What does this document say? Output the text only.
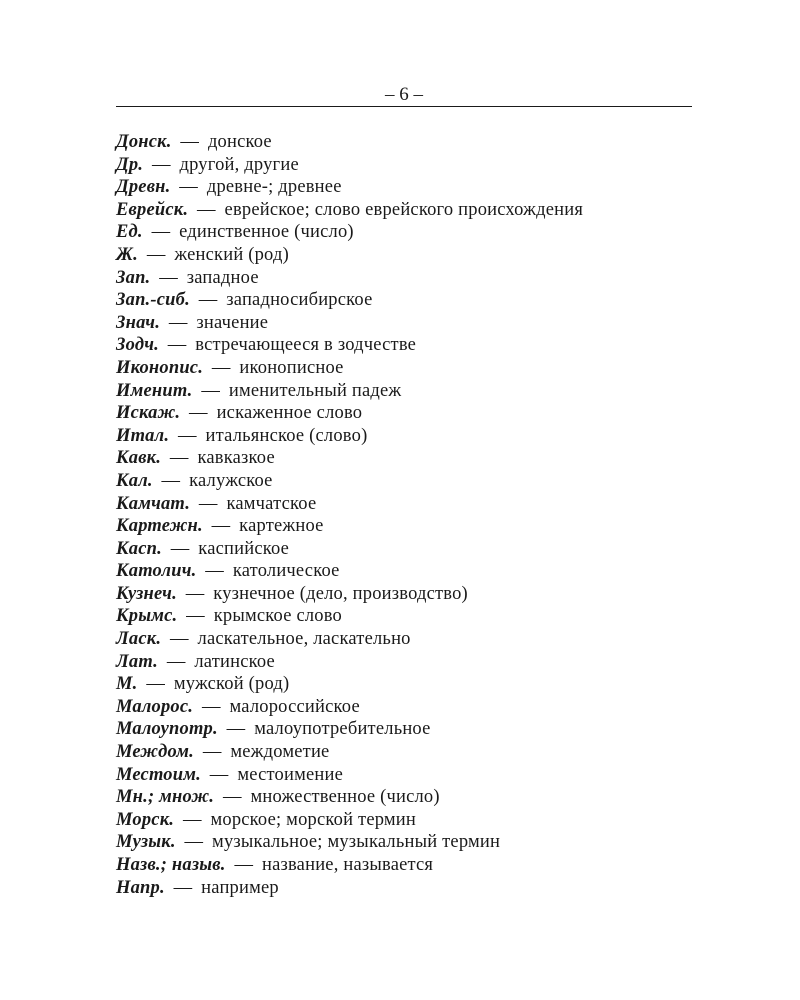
– 6 –
Донск. — донское
Др. — другой, другие
Древн. — древне-; древнее
Еврейск. — еврейское; слово еврейского происхождения
Ед. — единственное (число)
Ж. — женский (род)
Зап. — западное
Зап.-сиб. — западносибирское
Знач. — значение
Зодч. — встречающееся в зодчестве
Иконопис. — иконописное
Именит. — именительный падеж
Искаж. — искаженное слово
Итал. — итальянское (слово)
Кавк. — кавказкое
Кал. — калужское
Камчат. — камчатское
Картежн. — картежное
Касп. — каспийское
Католич. — католическое
Кузнеч. — кузнечное (дело, производство)
Крымс. — крымское слово
Ласк. — ласкательное, ласкательно
Лат. — латинское
М. — мужской (род)
Малорос. — малороссийское
Малоупотр. — малоупотребительное
Междом. — междометие
Местоим. — местоимение
Мн.; множ. — множественное (число)
Морск. — морское; морской термин
Музык. — музыкальное; музыкальный термин
Назв.; назыв. — название, называется
Напр. — например
